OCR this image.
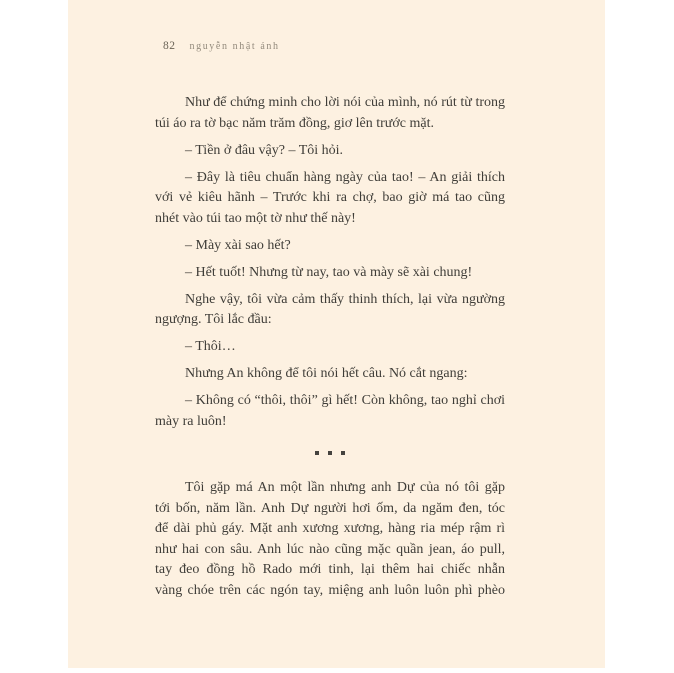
82 nguyễn nhật ánh
Như để chứng minh cho lời nói của mình, nó rút từ trong
túi áo ra tờ bạc năm trăm đồng, giơ lên trước mặt.
– Tiền ở đâu vậy? – Tôi hỏi.
– Đây là tiêu chuẩn hàng ngày của tao! – An giải thích
với vẻ kiêu hãnh – Trước khi ra chợ, bao giờ má tao cũng
nhét vào túi tao một tờ như thế này!
– Mày xài sao hết?
– Hết tuốt! Nhưng từ nay, tao và mày sẽ xài chung!
Nghe vậy, tôi vừa cảm thấy thinh thích, lại vừa ngường
ngượng. Tôi lắc đầu:
– Thôi…
Nhưng An không để tôi nói hết câu. Nó cắt ngang:
– Không có “thôi, thôi” gì hết! Còn không, tao nghỉ chơi
mày ra luôn!
Tôi gặp má An một lần nhưng anh Dự của nó tôi gặp
tới bốn, năm lần. Anh Dự người hơi ốm, da ngăm đen, tóc
để dài phủ gáy. Mặt anh xương xương, hàng ria mép rậm rì
như hai con sâu. Anh lúc nào cũng mặc quần jean, áo pull,
tay đeo đồng hồ Rado mới tinh, lại thêm hai chiếc nhẫn
vàng chóe trên các ngón tay, miệng anh luôn luôn phì phèo
